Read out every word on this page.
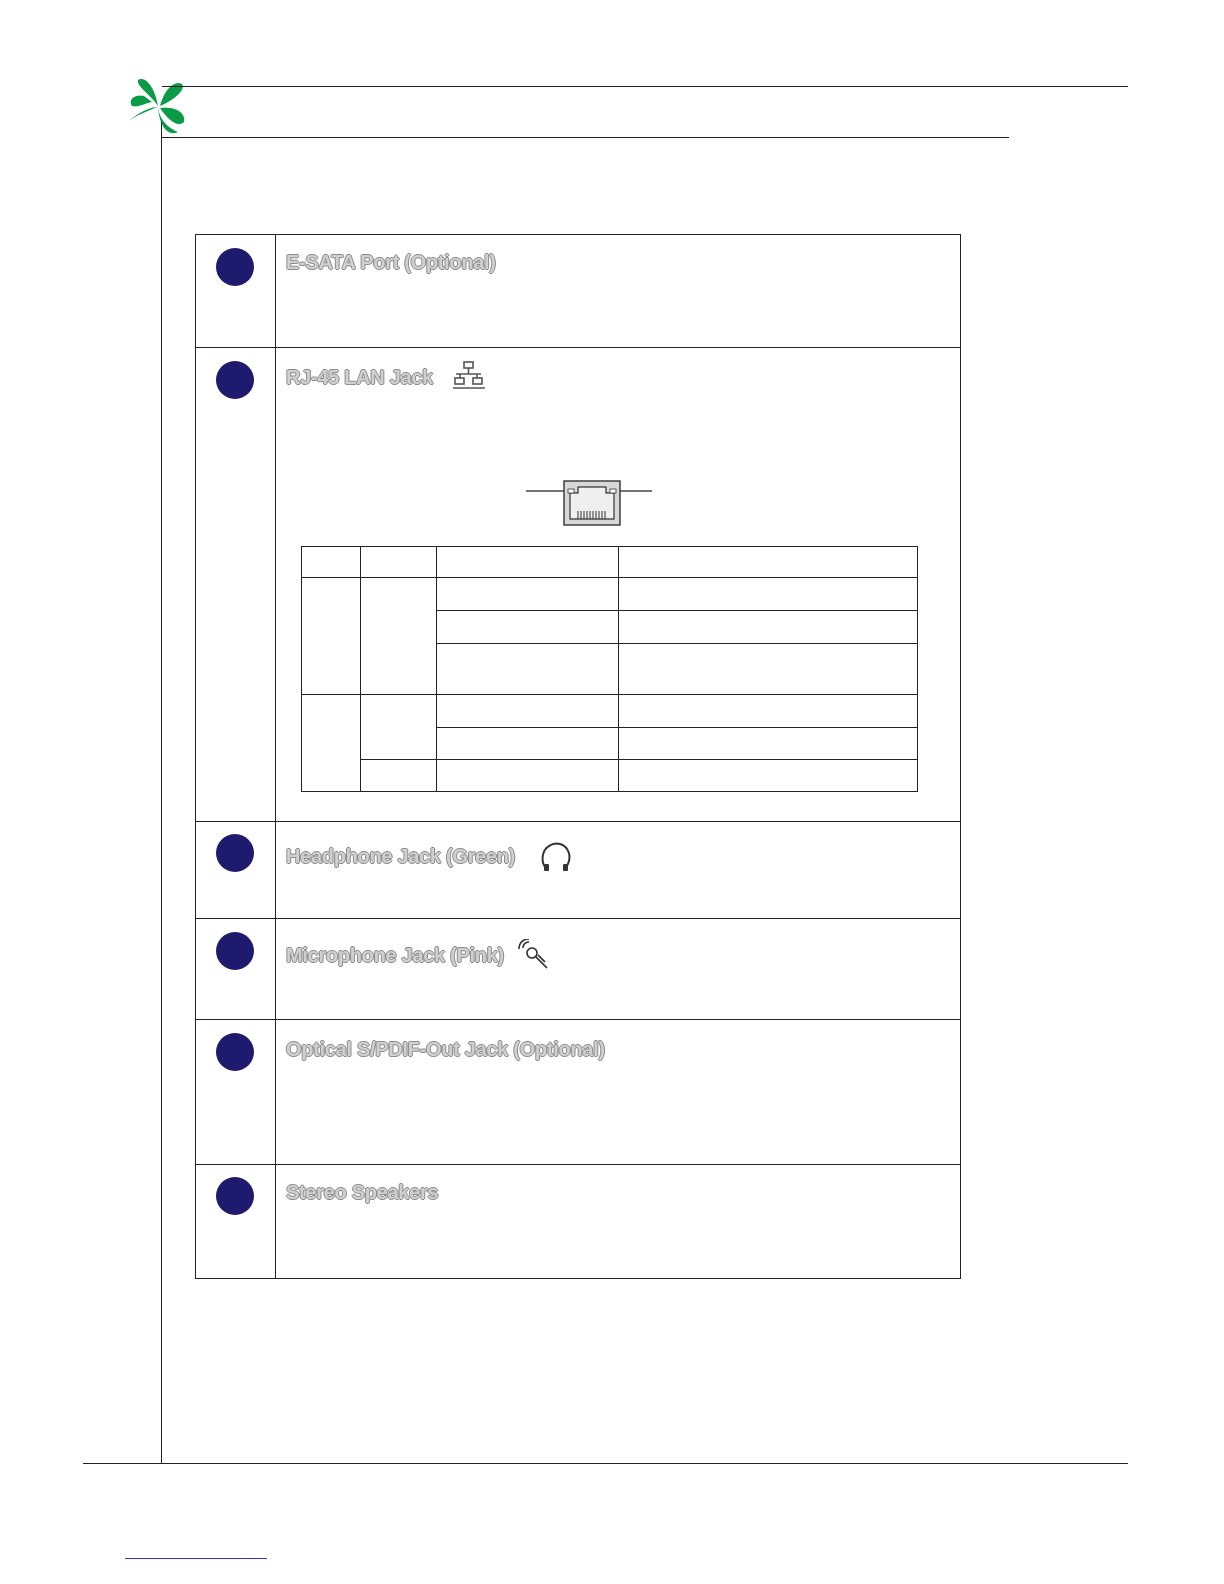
E-SATA Port (Optional)
RJ-45 LAN Jack
Headphone Jack (Green)
Microphone Jack (Pink)
Optical S/PDIF-Out Jack (Optional)
Stereo Speakers
